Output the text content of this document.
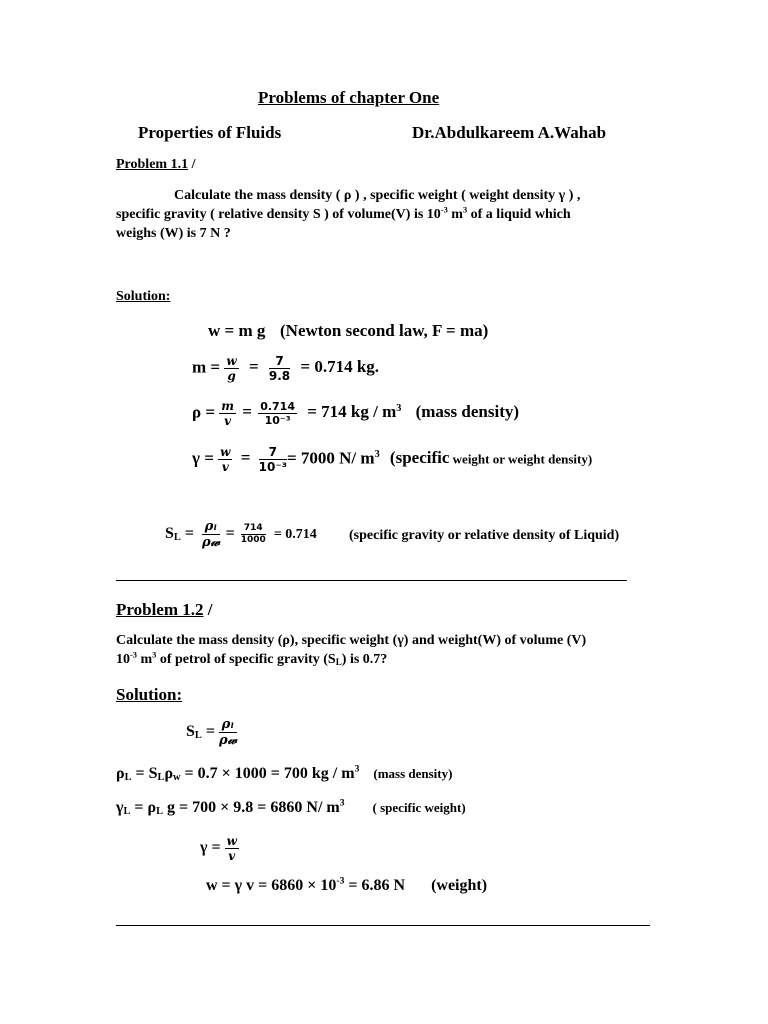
Problems of chapter One
Properties of Fluids	Dr.Abdulkareem A.Wahab
Problem 1.1 /
Calculate the mass density ( ρ ) , specific weight ( weight density γ ) ,
specific gravity ( relative density S ) of volume(V) is $10^{-3}$ $m^3$ of a liquid which
weighs (W) is 7 N ?
Solution:
w = m g (Newton second law, F = ma)
$m = \frac{w}{g} = \frac{7}{9.8} = 0.714$ kg.
$\rho = \frac{m}{v} = \frac{0.714}{\text{10⁻³}} = 714$ kg / $m^3$ (mass density)
$\gamma = \frac{w}{v} = \frac{7}{\text{10⁻³}} = 7000$ N/ $m^3$ (specific weight or weight density)
$S_L = \frac{\text{ρₗ}}{\text{ρ𝓌}} = \frac{714}{1000} = 0.714$ (specific gravity or relative density of Liquid)
Problem 1.2 /
Calculate the mass density (ρ), specific weight (γ) and weight(W) of volume (V)
$10^{-3}$ $m^3$ of petrol of specific gravity $(S_L)$ is 0.7?
Solution:
$S_L = \frac{\text{ρₗ}}{\text{ρ𝓌}}$
$\rho_L = S_L\rho_w = 0.7 \times 1000 = 700$ kg / $m^3$ (mass density)
$\gamma_L = \rho_L$ g = 700 × 9.8 = 6860 N/ $m^3$ ( specific weight)
$\gamma = \frac{w}{v}$
w = γ $v = 6860 \times 10^{-3} = 6.86$ N (weight)
